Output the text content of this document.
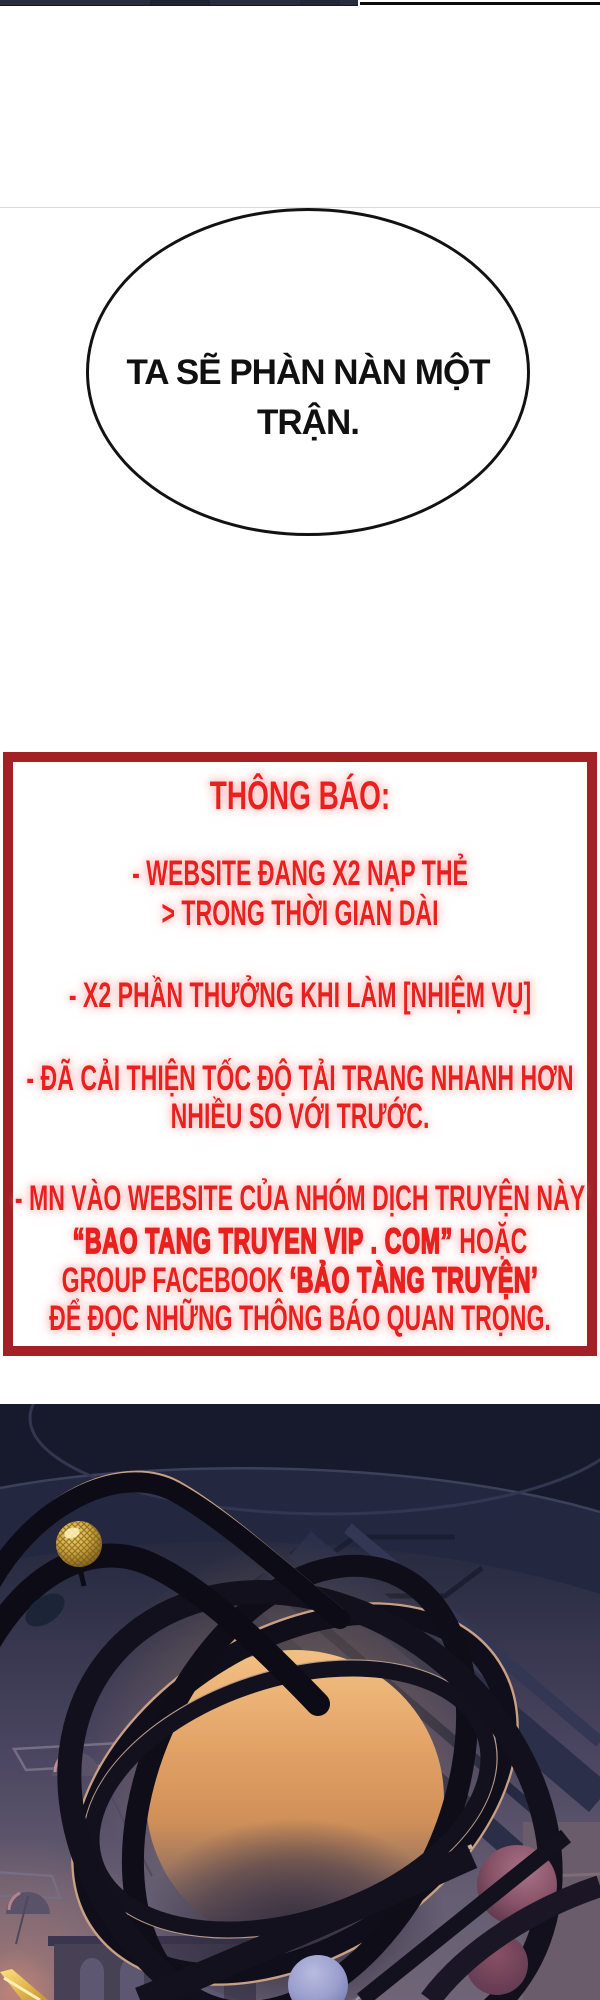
TA SẼ PHÀN NÀN MỘT
TRẬN.
THÔNG BÁO:
- WEBSITE ĐANG X2 NẠP THẺ
> TRONG THỜI GIAN DÀI
- X2 PHẦN THƯỞNG KHI LÀM [NHIỆM VỤ]
- ĐÃ CẢI THIỆN TỐC ĐỘ TẢI TRANG NHANH HƠN
NHIỀU SO VỚI TRƯỚC.
- MN VÀO WEBSITE CỦA NHÓM DỊCH TRUYỆN NÀY
“BAO TANG TRUYEN VIP . COM” HOẶC
GROUP FACEBOOK ‘BẢO TÀNG TRUYỆN’
ĐỂ ĐỌC NHỮNG THÔNG BÁO QUAN TRỌNG.
